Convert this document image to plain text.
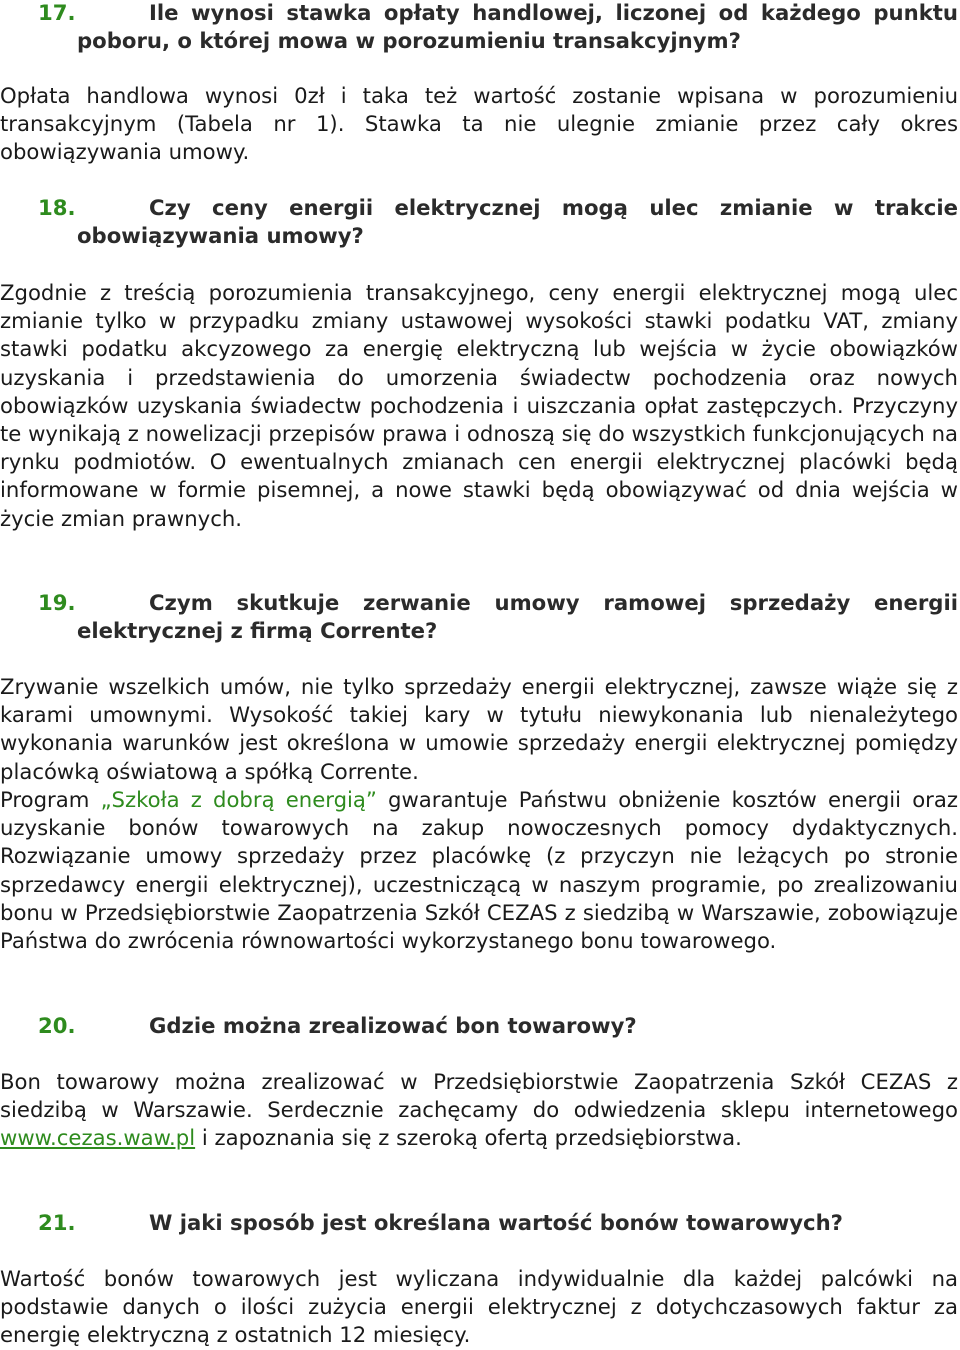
17.	Ile wynosi stawka opłaty handlowej, liczonej od każdego punktu poboru, o której mowa w porozumieniu transakcyjnym?

Opłata handlowa wynosi 0zł i taka też wartość zostanie wpisana w porozumieniu transakcyjnym (Tabela nr 1). Stawka ta nie ulegnie zmianie przez cały okres obowiązywania umowy.

18.	Czy ceny energii elektrycznej mogą ulec zmianie w trakcie obowiązywania umowy?

Zgodnie z treścią porozumienia transakcyjnego, ceny energii elektrycznej mogą ulec zmianie tylko w przypadku zmiany ustawowej wysokości stawki podatku VAT, zmiany stawki podatku akcyzowego za energię elektryczną lub wejścia w życie obowiązków uzyskania i przedstawienia do umorzenia świadectw pochodzenia oraz nowych obowiązków uzyskania świadectw pochodzenia i uiszczania opłat zastępczych. Przyczyny te wynikają z nowelizacji przepisów prawa i odnoszą się do wszystkich funkcjonujących na rynku podmiotów. O ewentualnych zmianach cen energii elektrycznej placówki będą informowane w formie pisemnej, a nowe stawki będą obowiązywać od dnia wejścia w życie zmian prawnych.

19.	Czym skutkuje zerwanie umowy ramowej sprzedaży energii elektrycznej z firmą Corrente?

Zrywanie wszelkich umów, nie tylko sprzedaży energii elektrycznej, zawsze wiąże się z karami umownymi. Wysokość takiej kary w tytułu niewykonania lub nienależytego wykonania warunków jest określona w umowie sprzedaży energii elektrycznej pomiędzy placówką oświatową a spółką Corrente.

Program „Szkoła z dobrą energią” gwarantuje Państwu obniżenie kosztów energii oraz uzyskanie bonów towarowych na zakup nowoczesnych pomocy dydaktycznych. Rozwiązanie umowy sprzedaży przez placówkę (z przyczyn nie leżących po stronie sprzedawcy energii elektrycznej), uczestniczącą w naszym programie, po zrealizowaniu bonu w Przedsiębiorstwie Zaopatrzenia Szkół CEZAS z siedzibą w Warszawie, zobowiązuje Państwa do zwrócenia równowartości wykorzystanego bonu towarowego.

20.	Gdzie można zrealizować bon towarowy?

Bon towarowy można zrealizować w Przedsiębiorstwie Zaopatrzenia Szkół CEZAS z siedzibą w Warszawie. Serdecznie zachęcamy do odwiedzenia sklepu internetowego www.cezas.waw.pl i zapoznania się z szeroką ofertą przedsiębiorstwa.

21.	W jaki sposób jest określana wartość bonów towarowych?

Wartość bonów towarowych jest wyliczana indywidualnie dla każdej palcówki na podstawie danych o ilości zużycia energii elektrycznej z dotychczasowych faktur za energię elektryczną z ostatnich 12 miesięcy.
